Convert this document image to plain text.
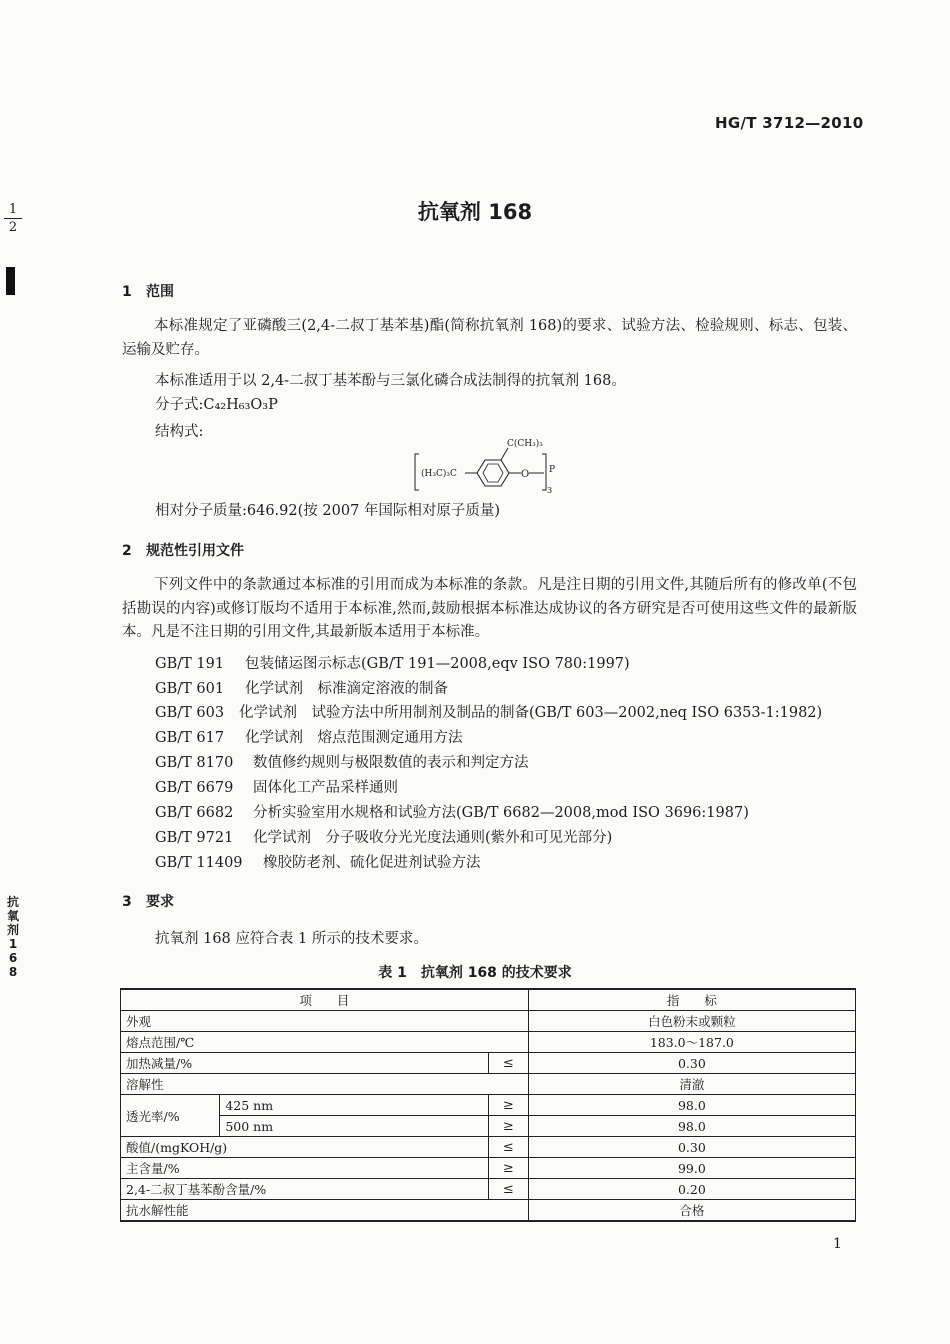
HG/T 3712—2010
1
2
抗氧剂168
抗氧剂 168
1 范围
本标准规定了亚磷酸三(2,4-二叔丁基苯基)酯(简称抗氧剂 168)的要求、试验方法、检验规则、标志、包装、运输及贮存。
本标准适用于以 2,4-二叔丁基苯酚与三氯化磷合成法制得的抗氧剂 168。
分子式:C₄₂H₆₃O₃P
结构式:
(H₃C)₃C
C(CH₃)₃
O P
3
相对分子质量:646.92(按 2007 年国际相对原子质量)
2 规范性引用文件
下列文件中的条款通过本标准的引用而成为本标准的条款。凡是注日期的引用文件,其随后所有的修改单(不包括勘误的内容)或修订版均不适用于本标准,然而,鼓励根据本标准达成协议的各方研究是否可使用这些文件的最新版本。凡是不注日期的引用文件,其最新版本适用于本标准。
GB/T 191 包装储运图示标志(GB/T 191—2008,eqv ISO 780:1997)
GB/T 601 化学试剂　标准滴定溶液的制备
GB/T 603 化学试剂　试验方法中所用制剂及制品的制备(GB/T 603—2002,neq ISO 6353-1:1982)
GB/T 617 化学试剂　熔点范围测定通用方法
GB/T 8170 数值修约规则与极限数值的表示和判定方法
GB/T 6679 固体化工产品采样通则
GB/T 6682 分析实验室用水规格和试验方法(GB/T 6682—2008,mod ISO 3696:1987)
GB/T 9721 化学试剂　分子吸收分光光度法通则(紫外和可见光部分)
GB/T 11409 橡胶防老剂、硫化促进剂试验方法
3 要求
抗氧剂 168 应符合表 1 所示的技术要求。
表 1　抗氧剂 168 的技术要求
项　　目			指　　标
外观			白色粉末或颗粒
熔点范围/℃			183.0～187.0
加热减量/%		≤	0.30
溶解性			清澈
透光率/%	425 nm	≥	98.0
	500 nm	≥	98.0
酸值/(mgKOH/g)		≤	0.30
主含量/%		≥	99.0
2,4-二叔丁基苯酚含量/%		≤	0.20
抗水解性能			合格
1
